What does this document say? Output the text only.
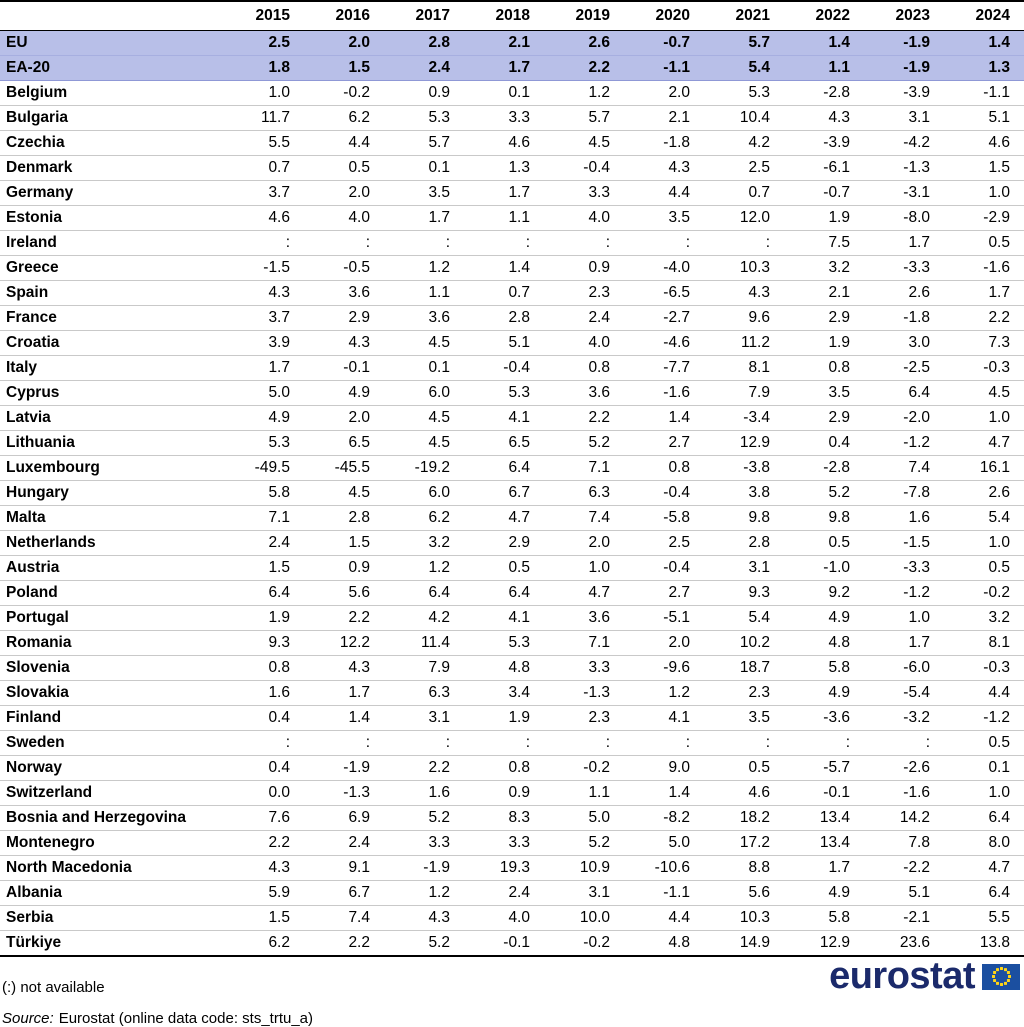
	2015	2016	2017	2018	2019	2020	2021	2022	2023	2024
EU	2.5	2.0	2.8	2.1	2.6	-0.7	5.7	1.4	-1.9	1.4
EA-20	1.8	1.5	2.4	1.7	2.2	-1.1	5.4	1.1	-1.9	1.3
Belgium	1.0	-0.2	0.9	0.1	1.2	2.0	5.3	-2.8	-3.9	-1.1
Bulgaria	11.7	6.2	5.3	3.3	5.7	2.1	10.4	4.3	3.1	5.1
Czechia	5.5	4.4	5.7	4.6	4.5	-1.8	4.2	-3.9	-4.2	4.6
Denmark	0.7	0.5	0.1	1.3	-0.4	4.3	2.5	-6.1	-1.3	1.5
Germany	3.7	2.0	3.5	1.7	3.3	4.4	0.7	-0.7	-3.1	1.0
Estonia	4.6	4.0	1.7	1.1	4.0	3.5	12.0	1.9	-8.0	-2.9
Ireland	:	:	:	:	:	:	:	7.5	1.7	0.5
Greece	-1.5	-0.5	1.2	1.4	0.9	-4.0	10.3	3.2	-3.3	-1.6
Spain	4.3	3.6	1.1	0.7	2.3	-6.5	4.3	2.1	2.6	1.7
France	3.7	2.9	3.6	2.8	2.4	-2.7	9.6	2.9	-1.8	2.2
Croatia	3.9	4.3	4.5	5.1	4.0	-4.6	11.2	1.9	3.0	7.3
Italy	1.7	-0.1	0.1	-0.4	0.8	-7.7	8.1	0.8	-2.5	-0.3
Cyprus	5.0	4.9	6.0	5.3	3.6	-1.6	7.9	3.5	6.4	4.5
Latvia	4.9	2.0	4.5	4.1	2.2	1.4	-3.4	2.9	-2.0	1.0
Lithuania	5.3	6.5	4.5	6.5	5.2	2.7	12.9	0.4	-1.2	4.7
Luxembourg	-49.5	-45.5	-19.2	6.4	7.1	0.8	-3.8	-2.8	7.4	16.1
Hungary	5.8	4.5	6.0	6.7	6.3	-0.4	3.8	5.2	-7.8	2.6
Malta	7.1	2.8	6.2	4.7	7.4	-5.8	9.8	9.8	1.6	5.4
Netherlands	2.4	1.5	3.2	2.9	2.0	2.5	2.8	0.5	-1.5	1.0
Austria	1.5	0.9	1.2	0.5	1.0	-0.4	3.1	-1.0	-3.3	0.5
Poland	6.4	5.6	6.4	6.4	4.7	2.7	9.3	9.2	-1.2	-0.2
Portugal	1.9	2.2	4.2	4.1	3.6	-5.1	5.4	4.9	1.0	3.2
Romania	9.3	12.2	11.4	5.3	7.1	2.0	10.2	4.8	1.7	8.1
Slovenia	0.8	4.3	7.9	4.8	3.3	-9.6	18.7	5.8	-6.0	-0.3
Slovakia	1.6	1.7	6.3	3.4	-1.3	1.2	2.3	4.9	-5.4	4.4
Finland	0.4	1.4	3.1	1.9	2.3	4.1	3.5	-3.6	-3.2	-1.2
Sweden	:	:	:	:	:	:	:	:	:	0.5
Norway	0.4	-1.9	2.2	0.8	-0.2	9.0	0.5	-5.7	-2.6	0.1
Switzerland	0.0	-1.3	1.6	0.9	1.1	1.4	4.6	-0.1	-1.6	1.0
Bosnia and Herzegovina	7.6	6.9	5.2	8.3	5.0	-8.2	18.2	13.4	14.2	6.4
Montenegro	2.2	2.4	3.3	3.3	5.2	5.0	17.2	13.4	7.8	8.0
North Macedonia	4.3	9.1	-1.9	19.3	10.9	-10.6	8.8	1.7	-2.2	4.7
Albania	5.9	6.7	1.2	2.4	3.1	-1.1	5.6	4.9	5.1	6.4
Serbia	1.5	7.4	4.3	4.0	10.0	4.4	10.3	5.8	-2.1	5.5
Türkiye	6.2	2.2	5.2	-0.1	-0.2	4.8	14.9	12.9	23.6	13.8
(:) not available
Source: Eurostat (online data code: sts_trtu_a)
eurostat
